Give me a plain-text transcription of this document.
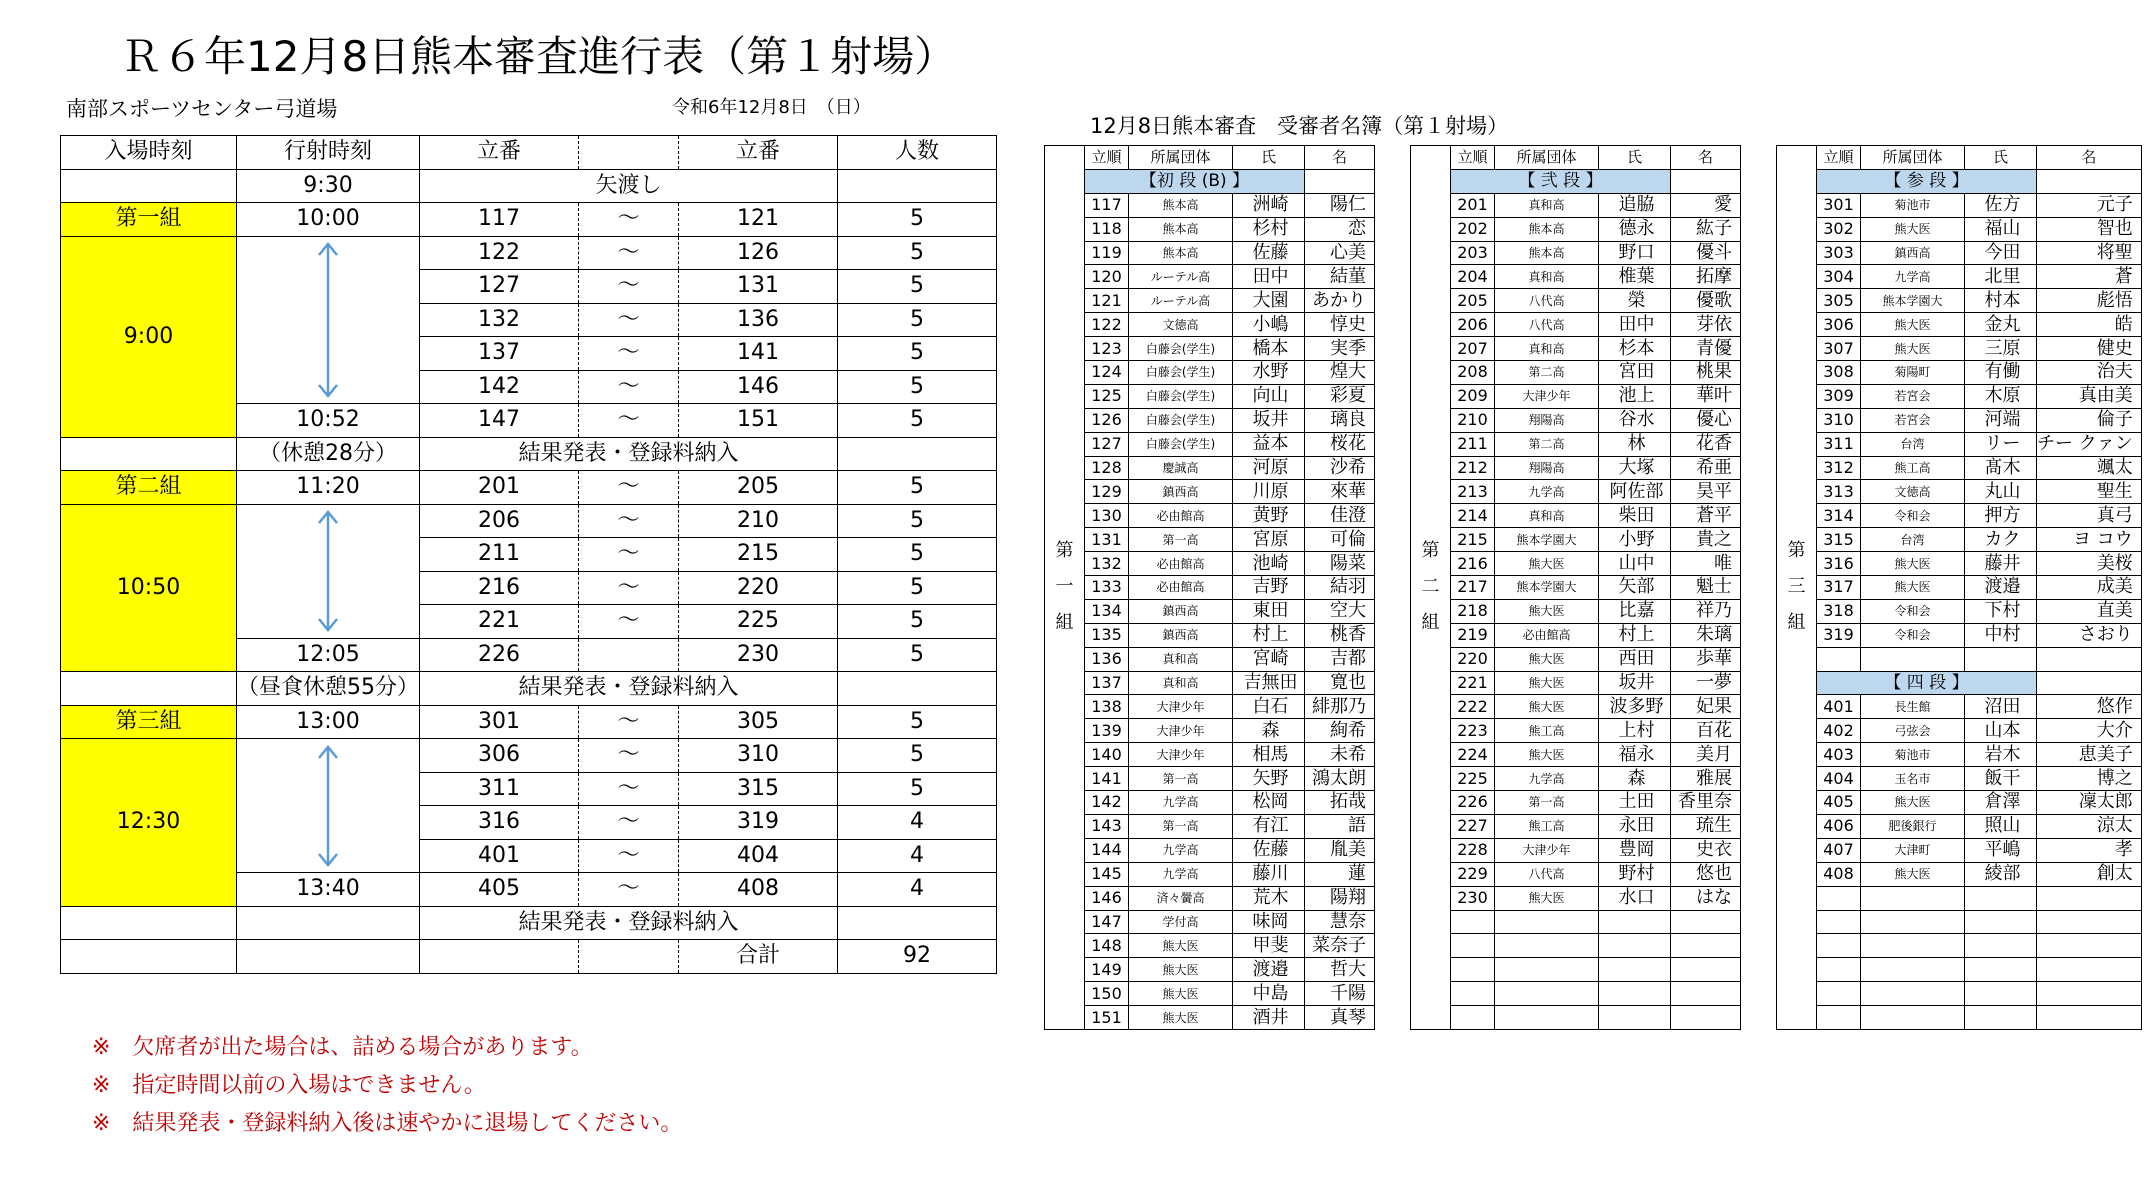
Ｒ６年12月8日熊本審査進行表（第１射場）
南部スポーツセンター弓道場	令和6年12月8日　（日）
入場時刻	行射時刻	立番		立番	人数
	9:30	矢渡し			
第一組	10:00	117	～	121	5
9:00		122	～	126	5
		127	～	131	5
		132	～	136	5
		137	～	141	5
		142	～	146	5
	10:52	147	～	151	5
	（休憩28分）	結果発表・登録料納入			
第二組	11:20	201	～	205	5
10:50		206	～	210	5
		211	～	215	5
		216	～	220	5
		221	～	225	5
	12:05	226		230	5
	（昼食休憩55分）	結果発表・登録料納入			
第三組	13:00	301	～	305	5
12:30		306	～	310	5
		311	～	315	5
		316	～	319	4
		401	～	404	4
	13:40	405	～	408	4
		結果発表・登録料納入			
				合計	92
※　欠席者が出た場合は、詰める場合があります。
※　指定時間以前の入場はできません。
※　結果発表・登録料納入後は速やかに退場してください。
12月8日熊本審査　受審者名簿（第１射場）
第
一
組	立順	所属団体	氏	名
	【初 段 (B) 】			
	117	熊本高	洲崎	陽仁
	118	熊本高	杉村	恋
	119	熊本高	佐藤	心美
	120	ルーテル高	田中	結菫
	121	ルーテル高	大園	あかり
	122	文徳高	小嶋	惇史
	123	白藤会(学生)	橋本	実季
	124	白藤会(学生)	水野	煌大
	125	白藤会(学生)	向山	彩夏
	126	白藤会(学生)	坂井	璃良
	127	白藤会(学生)	益本	桜花
	128	慶誠高	河原	沙希
	129	鎮西高	川原	來華
	130	必由館高	黄野	佳澄
	131	第一高	宮原	可倫
	132	必由館高	池崎	陽菜
	133	必由館高	吉野	結羽
	134	鎮西高	東田	空大
	135	鎮西高	村上	桃香
	136	真和高	宮崎	吉都
	137	真和高	吉無田	寛也
	138	大津少年	白石	緋那乃
	139	大津少年	森	絢希
	140	大津少年	相馬	未希
	141	第一高	矢野	鴻太朗
	142	九学高	松岡	拓哉
	143	第一高	有江	語
	144	九学高	佐藤	胤美
	145	九学高	藤川	蓮
	146	済々黌高	荒木	陽翔
	147	学付高	味岡	慧奈
	148	熊大医	甲斐	菜奈子
	149	熊大医	渡邉	哲大
	150	熊大医	中島	千陽
	151	熊大医	酒井	真琴
第
二
組	立順	所属団体	氏	名
	【 弐 段 】			
	201	真和高	追脇	愛
	202	熊本高	德永	紘子
	203	熊本高	野口	優斗
	204	真和高	椎葉	拓摩
	205	八代高	榮	優歌
	206	八代高	田中	芽依
	207	真和高	杉本	青優
	208	第二高	宮田	桃果
	209	大津少年	池上	華叶
	210	翔陽高	谷水	優心
	211	第二高	林	花香
	212	翔陽高	大塚	希亜
	213	九学高	阿佐部	昊平
	214	真和高	柴田	蒼平
	215	熊本学園大	小野	貴之
	216	熊大医	山中	唯
	217	熊本学園大	矢部	魁士
	218	熊大医	比嘉	祥乃
	219	必由館高	村上	朱璃
	220	熊大医	西田	歩華
	221	熊大医	坂井	一夢
	222	熊大医	波多野	妃果
	223	熊工高	上村	百花
	224	熊大医	福永	美月
	225	九学高	森	雅展
	226	第一高	土田	香里奈
	227	熊工高	永田	琉生
	228	大津少年	豊岡	史衣
	229	八代高	野村	悠也
	230	熊大医	水口	はな

第
三
組	立順	所属団体	氏	名
	【 参 段 】			
	301	菊池市	佐方	元子
	302	熊大医	福山	智也
	303	鎮西高	今田	将聖
	304	九学高	北里	蒼
	305	熊本学園大	村本	彪悟
	306	熊大医	金丸	皓
	307	熊大医	三原	健史
	308	菊陽町	有働	治夫
	309	若宮会	木原	真由美
	310	若宮会	河端	倫子
	311	台湾	リー	チー クァン
	312	熊工高	髙木	颯太
	313	文徳高	丸山	聖生
	314	令和会	押方	真弓
	315	台湾	カク	ヨ コウ
	316	熊大医	藤井	美桜
	317	熊大医	渡邉	成美
	318	令和会	下村	直美
	319	令和会	中村	さおり

	【 四 段 】			
	401	長生館	沼田	悠作
	402	弓弦会	山本	大介
	403	菊池市	岩木	恵美子
	404	玉名市	飯干	博之
	405	熊大医	倉澤	凜太郎
	406	肥後銀行	照山	涼太
	407	大津町	平嶋	孝
	408	熊大医	綾部	創太
